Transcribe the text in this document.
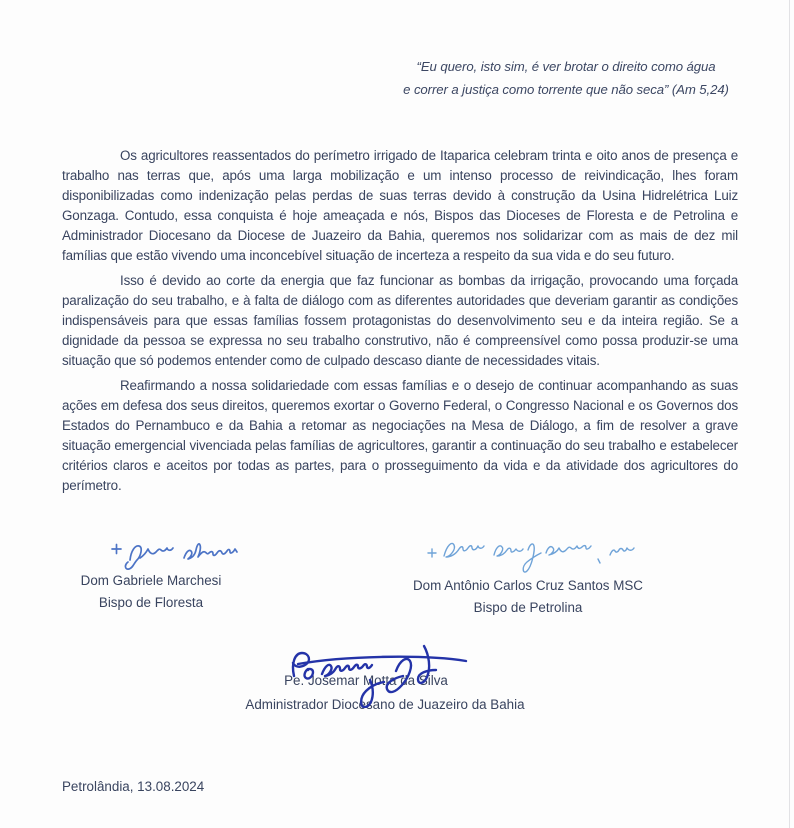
“Eu quero, isto sim, é ver brotar o direito como água
e correr a justiça como torrente que não seca” (Am 5,24)

Os agricultores reassentados do perímetro irrigado de Itaparica celebram trinta e oito anos de presença e trabalho nas terras que, após uma larga mobilização e um intenso processo de reivindicação, lhes foram disponibilizadas como indenização pelas perdas de suas terras devido à construção da Usina Hidrelétrica Luiz Gonzaga. Contudo, essa conquista é hoje ameaçada e nós, Bispos das Dioceses de Floresta e de Petrolina e Administrador Diocesano da Diocese de Juazeiro da Bahia, queremos nos solidarizar com as mais de dez mil famílias que estão vivendo uma inconcebível situação de incerteza a respeito da sua vida e do seu futuro.

Isso é devido ao corte da energia que faz funcionar as bombas da irrigação, provocando uma forçada paralização do seu trabalho, e à falta de diálogo com as diferentes autoridades que deveriam garantir as condições indispensáveis para que essas famílias fossem protagonistas do desenvolvimento seu e da inteira região. Se a dignidade da pessoa se expressa no seu trabalho construtivo, não é compreensível como possa produzir-se uma situação que só podemos entender como de culpado descaso diante de necessidades vitais.

Reafirmando a nossa solidariedade com essas famílias e o desejo de continuar acompanhando as suas ações em defesa dos seus direitos, queremos exortar o Governo Federal, o Congresso Nacional e os Governos dos Estados do Pernambuco e da Bahia a retomar as negociações na Mesa de Diálogo, a fim de resolver a grave situação emergencial vivenciada pelas famílias de agricultores, garantir a continuação do seu trabalho e estabelecer critérios claros e aceitos por todas as partes, para o prosseguimento da vida e da atividade dos agricultores do perímetro.

Dom Gabriele Marchesi
Bispo de Floresta
Dom Antônio Carlos Cruz Santos MSC
Bispo de Petrolina
Pe. Josemar Motta da Silva
Administrador Diocesano de Juazeiro da Bahia
Petrolândia, 13.08.2024
